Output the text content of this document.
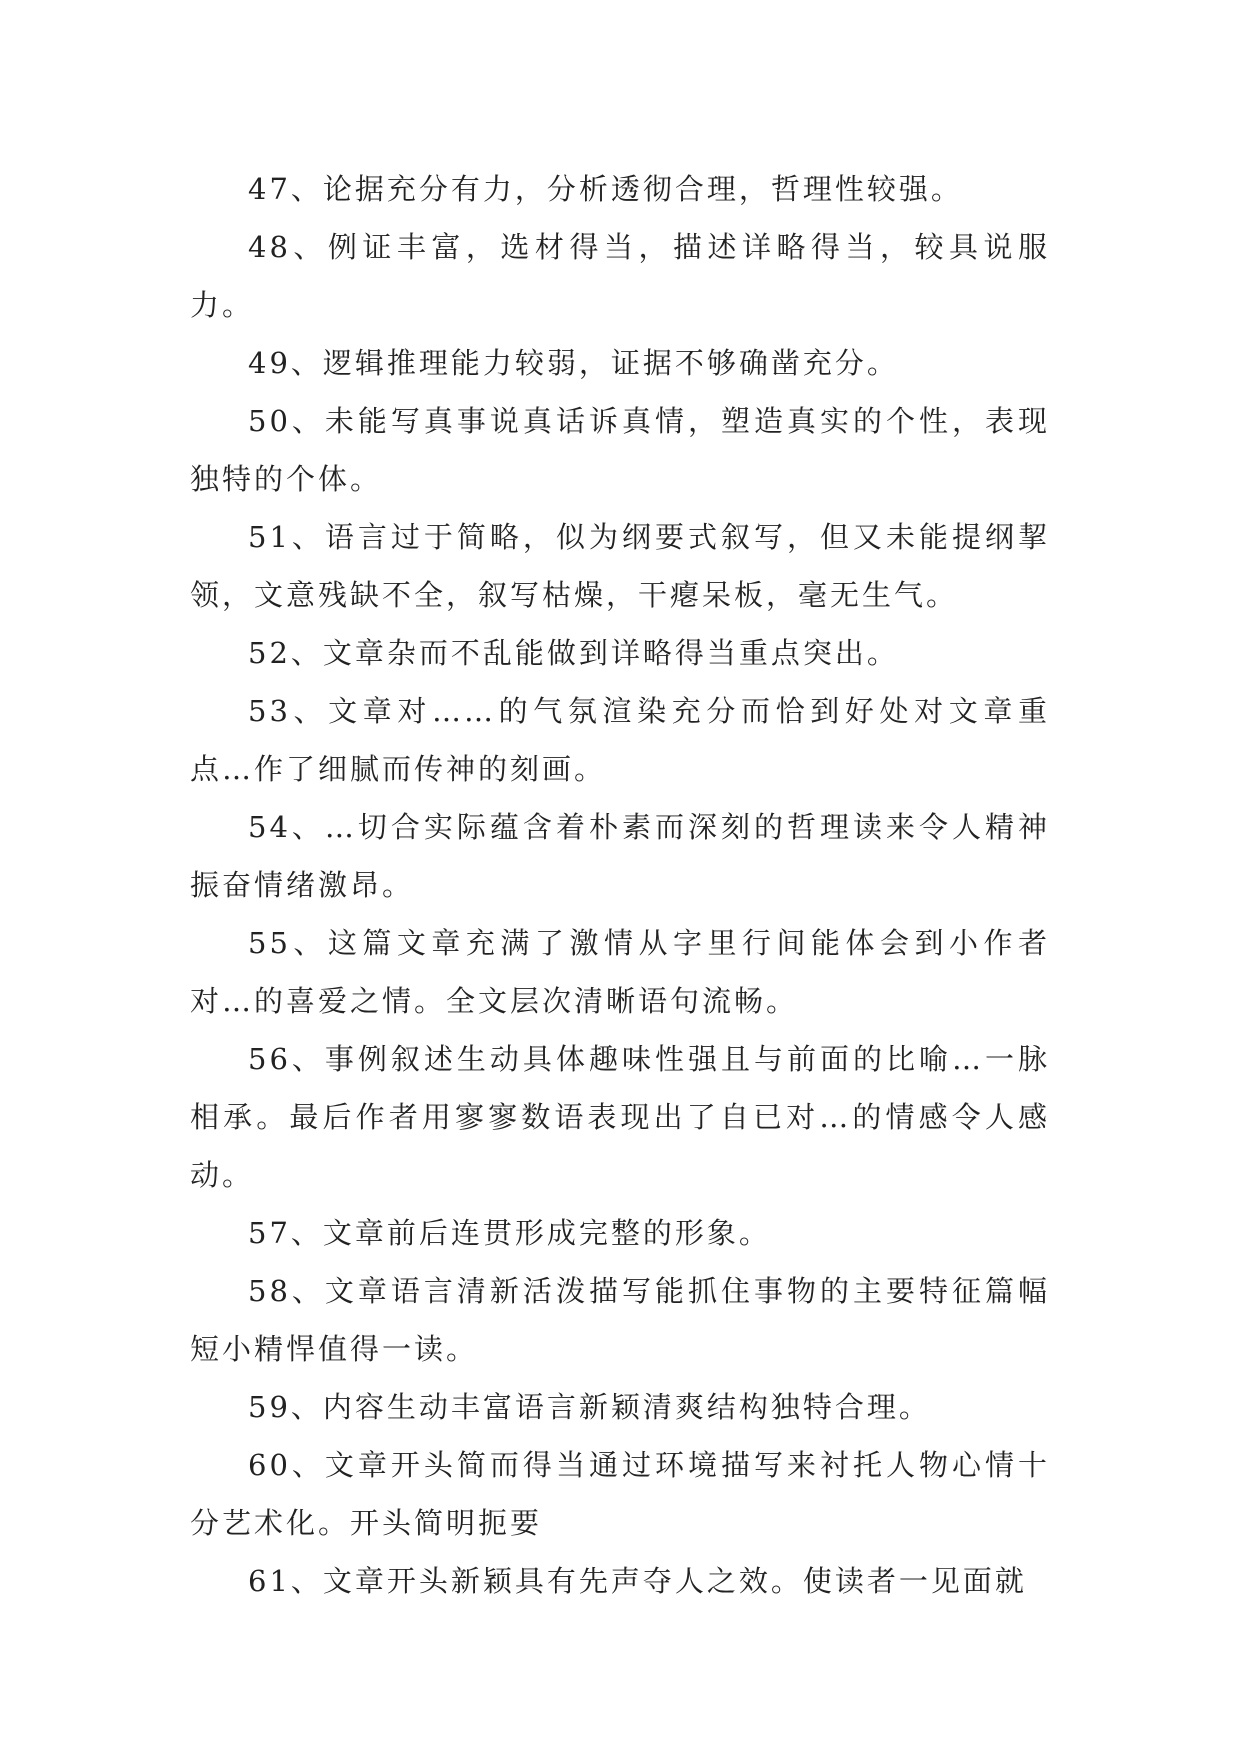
47、论据充分有力，分析透彻合理，哲理性较强。

48、例证丰富，选材得当，描述详略得当，较具说服力。

49、逻辑推理能力较弱，证据不够确凿充分。

50、未能写真事说真话诉真情，塑造真实的个性，表现独特的个体。

51、语言过于简略，似为纲要式叙写，但又未能提纲挈领，文意残缺不全，叙写枯燥，干瘪呆板，毫无生气。

52、文章杂而不乱能做到详略得当重点突出。

53、文章对……的气氛渲染充分而恰到好处对文章重点…作了细腻而传神的刻画。

54、…切合实际蕴含着朴素而深刻的哲理读来令人精神振奋情绪激昂。

55、这篇文章充满了激情从字里行间能体会到小作者对…的喜爱之情。全文层次清晰语句流畅。

56、事例叙述生动具体趣味性强且与前面的比喻…一脉相承。最后作者用寥寥数语表现出了自已对…的情感令人感动。

57、文章前后连贯形成完整的形象。

58、文章语言清新活泼描写能抓住事物的主要特征篇幅短小精悍值得一读。

59、内容生动丰富语言新颖清爽结构独特合理。

60、文章开头简而得当通过环境描写来衬托人物心情十分艺术化。开头简明扼要

61、文章开头新颖具有先声夺人之效。使读者一见面就
